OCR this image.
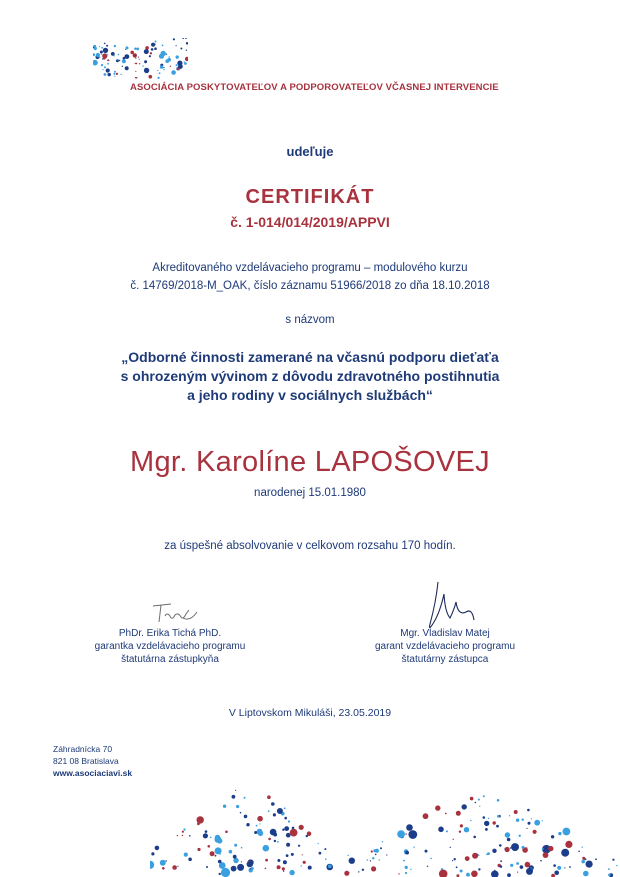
ASOCIÁCIA POSKYTOVATEĽOV A PODPOROVATEĽOV VČASNEJ INTERVENCIE
udeľuje
CERTIFIKÁT
č. 1-014/014/2019/APPVI
Akreditovaného vzdelávacieho programu – modulového kurzu
č. 14769/2018-M_OAK, číslo záznamu 51966/2018 zo dňa 18.10.2018
s názvom
„Odborné činnosti zamerané na včasnú podporu dieťaťa
s ohrozeným vývinom z dôvodu zdravotného postihnutia
a jeho rodiny v sociálnych službách“
Mgr. Karolíne LAPOŠOVEJ
narodenej 15.01.1980
za úspešné absolvovanie v celkovom rozsahu 170 hodín.
PhDr. Erika Tichá PhD.
garantka vzdelávacieho programu
štatutárna zástupkyňa
Mgr. Vladislav Matej
garant vzdelávacieho programu
štatutárny zástupca
V Liptovskom Mikuláši, 23.05.2019
Záhradnícka 70
821 08 Bratislava
www.asociaciavi.sk
